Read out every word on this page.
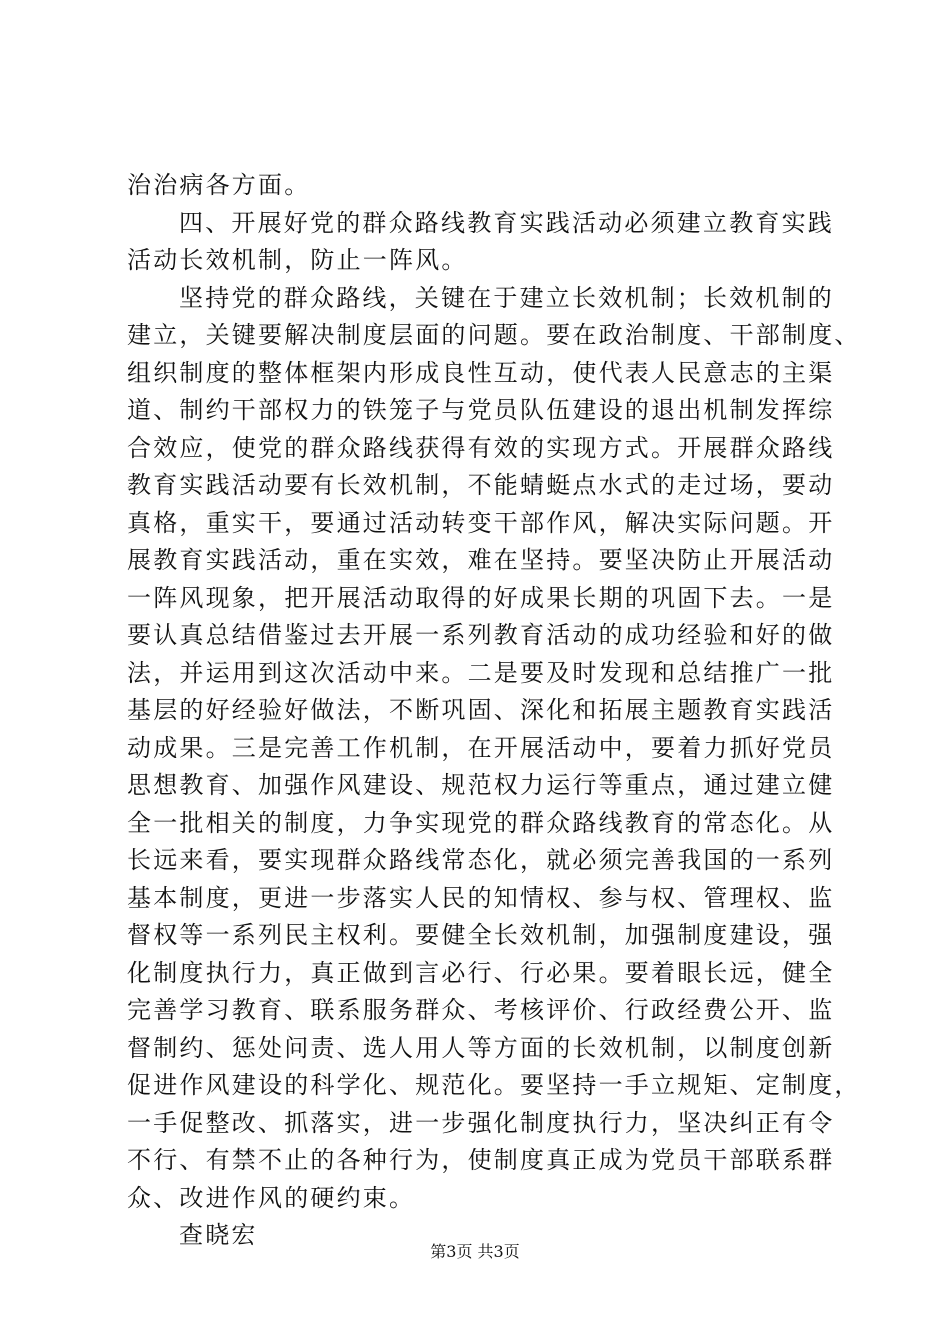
治治病各方面。
四、开展好党的群众路线教育实践活动必须建立教育实践
活动长效机制，防止一阵风。
坚持党的群众路线，关键在于建立长效机制；长效机制的
建立，关键要解决制度层面的问题。要在政治制度、干部制度、
组织制度的整体框架内形成良性互动，使代表人民意志的主渠
道、制约干部权力的铁笼子与党员队伍建设的退出机制发挥综
合效应，使党的群众路线获得有效的实现方式。开展群众路线
教育实践活动要有长效机制，不能蜻蜓点水式的走过场，要动
真格，重实干，要通过活动转变干部作风，解决实际问题。开
展教育实践活动，重在实效，难在坚持。要坚决防止开展活动
一阵风现象，把开展活动取得的好成果长期的巩固下去。一是
要认真总结借鉴过去开展一系列教育活动的成功经验和好的做
法，并运用到这次活动中来。二是要及时发现和总结推广一批
基层的好经验好做法，不断巩固、深化和拓展主题教育实践活
动成果。三是完善工作机制，在开展活动中，要着力抓好党员
思想教育、加强作风建设、规范权力运行等重点，通过建立健
全一批相关的制度，力争实现党的群众路线教育的常态化。从
长远来看，要实现群众路线常态化，就必须完善我国的一系列
基本制度，更进一步落实人民的知情权、参与权、管理权、监
督权等一系列民主权利。要健全长效机制，加强制度建设，强
化制度执行力，真正做到言必行、行必果。要着眼长远，健全
完善学习教育、联系服务群众、考核评价、行政经费公开、监
督制约、惩处问责、选人用人等方面的长效机制，以制度创新
促进作风建设的科学化、规范化。要坚持一手立规矩、定制度，
一手促整改、抓落实，进一步强化制度执行力，坚决纠正有令
不行、有禁不止的各种行为，使制度真正成为党员干部联系群
众、改进作风的硬约束。
查晓宏
第3页 共3页
